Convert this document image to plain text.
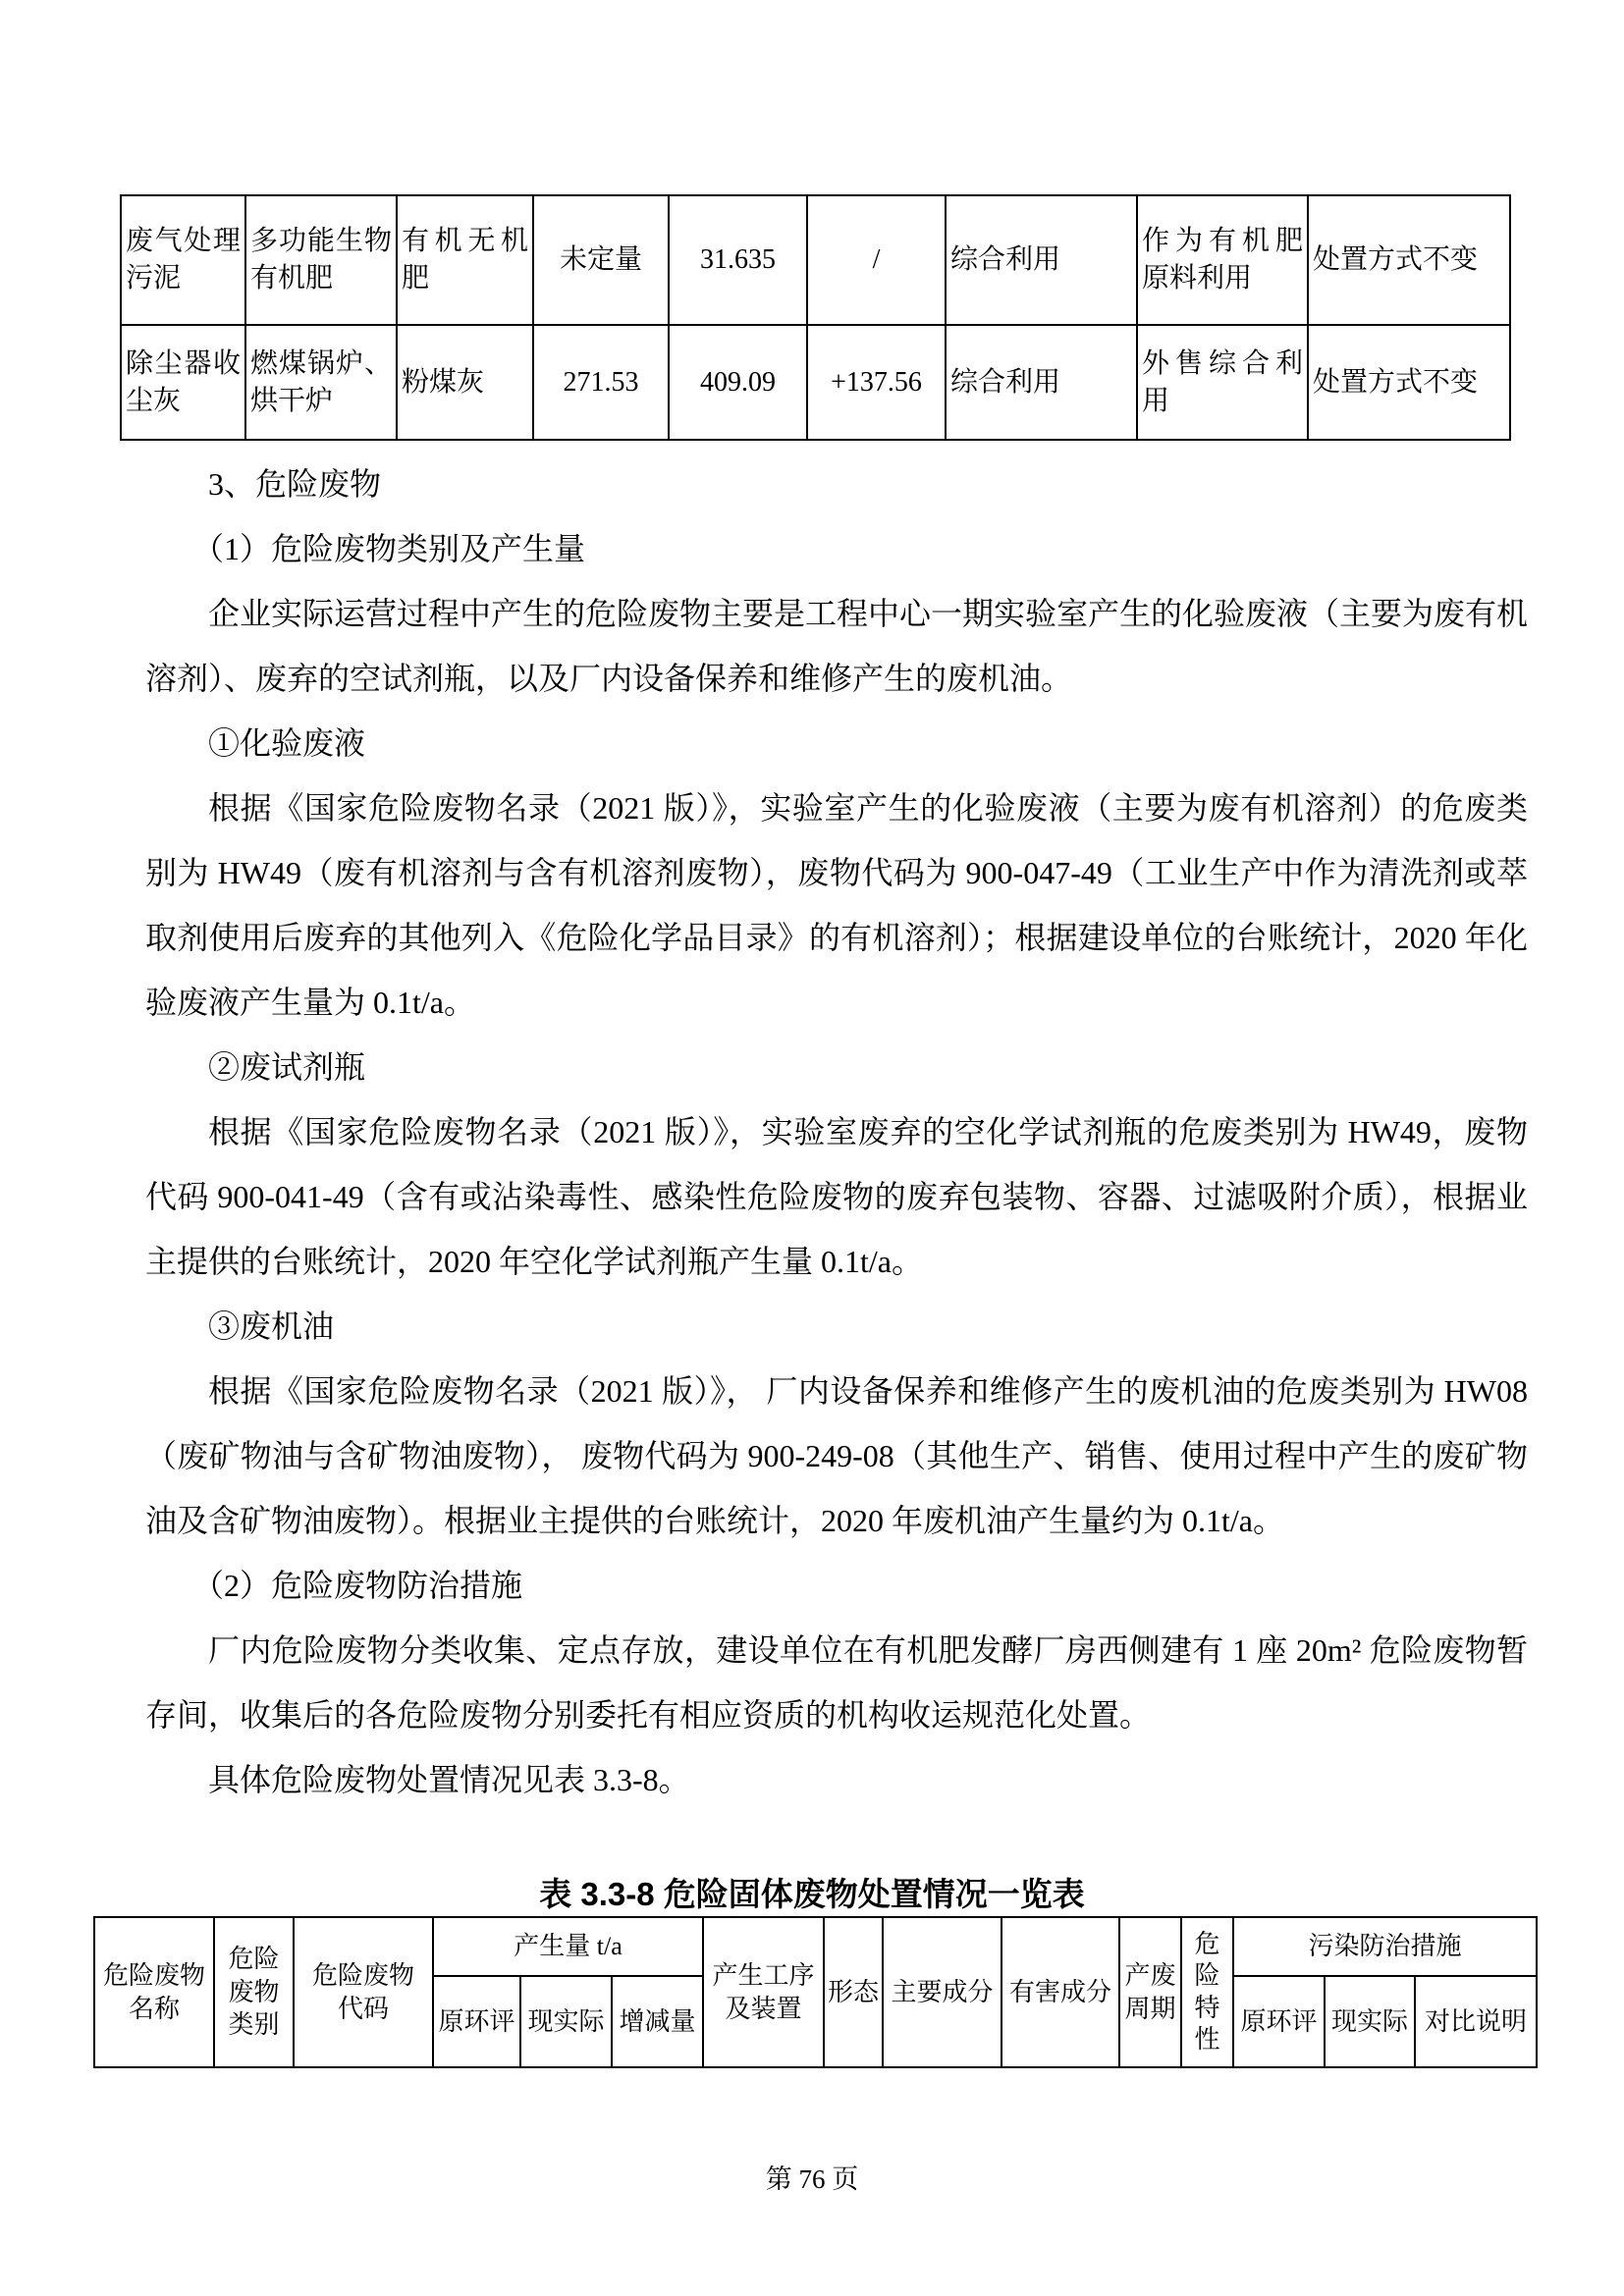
废气处理污泥	多功能生物有机肥	有机无机肥	未定量	31.635	/	综合利用	作为有机肥原料利用	处置方式不变
除尘器收尘灰	燃煤锅炉、烘干炉	粉煤灰	271.53	409.09	+137.56	综合利用	外售综合利用	处置方式不变

3、危险废物

（1）危险废物类别及产生量

企业实际运营过程中产生的危险废物主要是工程中心一期实验室产生的化验废液（主要为废有机溶剂）、废弃的空试剂瓶，以及厂内设备保养和维修产生的废机油。

①化验废液

根据《国家危险废物名录（2021 版）》，实验室产生的化验废液（主要为废有机溶剂）的危废类别为 HW49（废有机溶剂与含有机溶剂废物），废物代码为 900-047-49（工业生产中作为清洗剂或萃取剂使用后废弃的其他列入《危险化学品目录》的有机溶剂）；根据建设单位的台账统计，2020 年化验废液产生量为 0.1t/a。

②废试剂瓶

根据《国家危险废物名录（2021 版）》，实验室废弃的空化学试剂瓶的危废类别为 HW49，废物代码 900-041-49（含有或沾染毒性、感染性危险废物的废弃包装物、容器、过滤吸附介质），根据业主提供的台账统计，2020 年空化学试剂瓶产生量 0.1t/a。

③废机油

根据《国家危险废物名录（2021 版）》， 厂内设备保养和维修产生的废机油的危废类别为 HW08（废矿物油与含矿物油废物）， 废物代码为 900-249-08（其他生产、销售、使用过程中产生的废矿物油及含矿物油废物）。根据业主提供的台账统计，2020 年废机油产生量约为 0.1t/a。

（2）危险废物防治措施

厂内危险废物分类收集、定点存放，建设单位在有机肥发酵厂房西侧建有 1 座 20m² 危险废物暂存间，收集后的各危险废物分别委托有相应资质的机构收运规范化处置。

具体危险废物处置情况见表 3.3-8。

表 3.3-8 危险固体废物处置情况一览表
危险废物名称	危险废物类别	危险废物代码	产生量 t/a			产生工序及装置	形态	主要成分	有害成分	产废周期	危险特性	污染防治措施		
			原环评	现实际	增减量							原环评	现实际	对比说明
第 76 页
